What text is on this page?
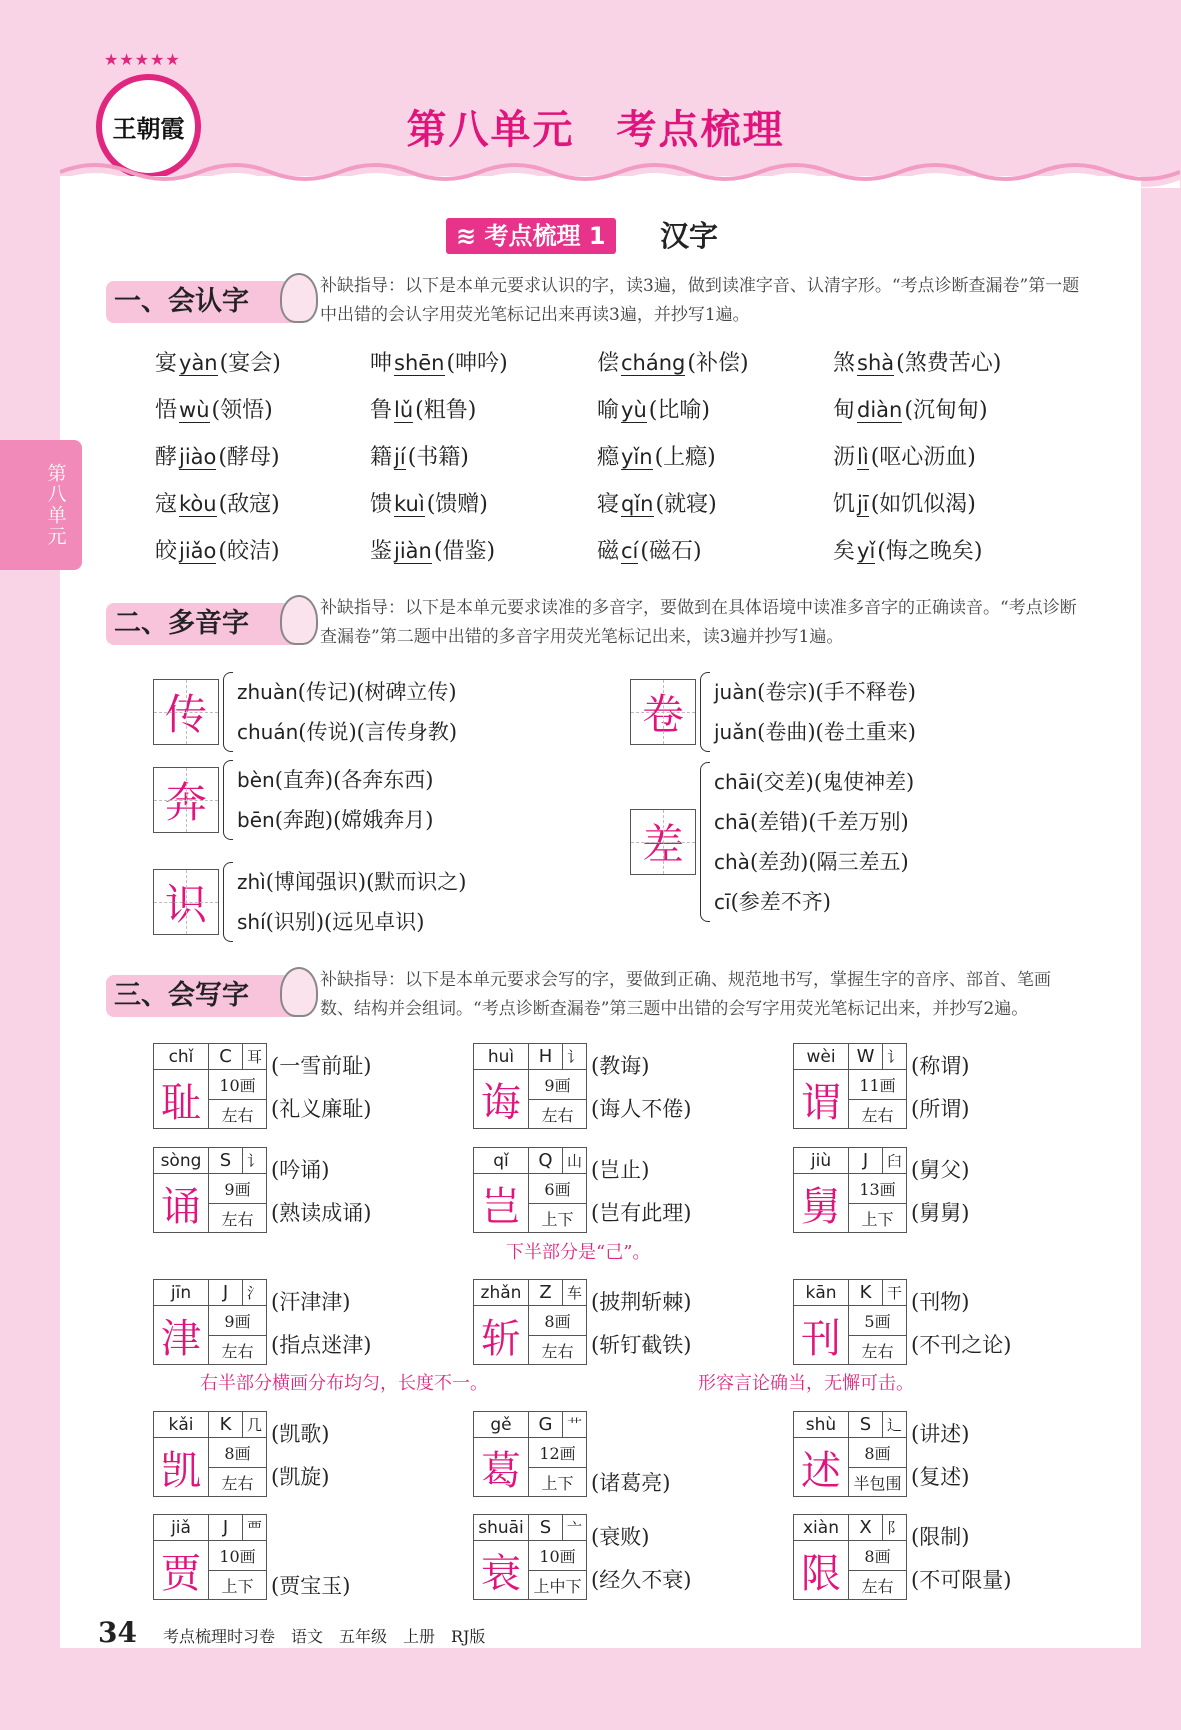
王朝霞
★★★★★
第八单元　考点梳理
第八单元
≋ 考点梳理 1	汉字
一、会认字	补缺指导：以下是本单元要求认识的字，读3遍，做到读准字音、认清字形。“考点诊断查漏卷”第一题中出错的会认字用荧光笔标记出来再读3遍，并抄写1遍。
宴yàn(宴会)	呻shēn(呻吟)	偿cháng(补偿)	煞shà(煞费苦心)
悟wù(领悟)	鲁lǔ(粗鲁)	喻yù(比喻)	甸diàn(沉甸甸)
酵jiào(酵母)	籍jí(书籍)	瘾yǐn(上瘾)	沥lì(呕心沥血)
寇kòu(敌寇)	馈kuì(馈赠)	寝qǐn(就寝)	饥jī(如饥似渴)
皎jiǎo(皎洁)	鉴jiàn(借鉴)	磁cí(磁石)	矣yǐ(悔之晚矣)
二、多音字	补缺指导：以下是本单元要求读准的多音字，要做到在具体语境中读准多音字的正确读音。“考点诊断查漏卷”第二题中出错的多音字用荧光笔标记出来，读3遍并抄写1遍。
传	zhuàn(传记)(树碑立传)
chuán(传说)(言传身教)	卷	juàn(卷宗)(手不释卷)
juǎn(卷曲)(卷土重来)
奔	bèn(直奔)(各奔东西)
bēn(奔跑)(嫦娥奔月)	差
chāi(交差)(鬼使神差)
chā(差错)(千差万别)
chà(差劲)(隔三差五)
cī(参差不齐)
识	zhì(博闻强识)(默而识之)
shí(识别)(远见卓识)
三、会写字	补缺指导：以下是本单元要求会写的字，要做到正确、规范地书写，掌握生字的音序、部首、笔画数、结构并会组词。“考点诊断查漏卷”第三题中出错的会写字用荧光笔标记出来，并抄写2遍。
chǐ	C	耳
耻	10画
左右
(一雪前耻)
(礼义廉耻)
huì	H 讠
诲	9画
左右
(教诲)
(诲人不倦)
wèi	W 讠
谓	11画
左右
(称谓)
(所谓)
sòng	S	讠
诵	9画
左右
(吟诵)
(熟读成诵)
qǐ	Q 山
岂	6画
上下
(岂止)
(岂有此理)
jiù	J	臼
舅	13画
上下
(舅父)
(舅舅)
jīn	J	氵
津	9画
左右
(汗津津)
(指点迷津)
zhǎn Z	车
斩	8画
左右
(披荆斩棘)
(斩钉截铁)
kān	K	干
刊	5画
左右
(刊物)
(不刊之论)
kǎi	K	几
凯	8画
左右
(凯歌)
(凯旋)
gě	G 艹
葛	12画
上下 (诸葛亮)
shù	S	辶
述	8画
半包围
(讲述)
(复述)
jiǎ	J	覀
贾	10画
上下 (贾宝玉)
shuāi S	亠
衰	10画
上中下
(衰败)
(经久不衰)
xiàn	X	阝
限	8画
左右
(限制)
(不可限量)
下半部分是“己”。
右半部分横画分布均匀，长度不一。	形容言论确当，无懈可击。
34 考点梳理时习卷　语文　五年级　上册　RJ版
